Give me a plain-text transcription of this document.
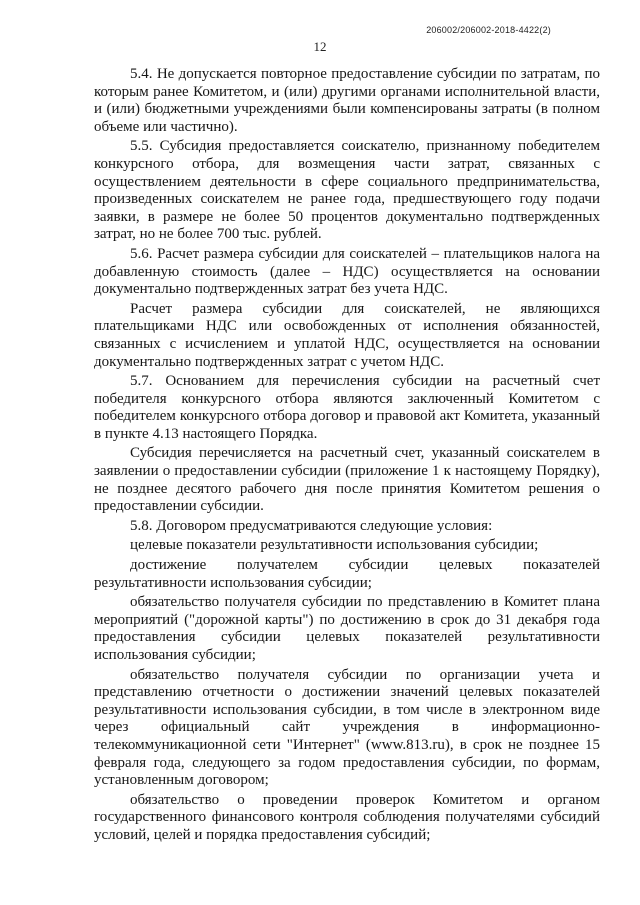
206002/206002-2018-4422(2)
12

5.4. Не допускается повторное предоставление субсидии по затратам, по которым ранее Комитетом, и (или) другими органами исполнительной власти, и (или) бюджетными учреждениями были компенсированы затраты (в полном объеме или частично).

5.5. Субсидия предоставляется соискателю, признанному победителем конкурсного отбора, для возмещения части затрат, связанных с осуществлением деятельности в сфере социального предпринимательства, произведенных соискателем не ранее года, предшествующего году подачи заявки, в размере не более 50 процентов документально подтвержденных затрат, но не более 700 тыс. рублей.

5.6. Расчет размера субсидии для соискателей – плательщиков налога на добавленную стоимость (далее – НДС) осуществляется на основании документально подтвержденных затрат без учета НДС.

Расчет размера субсидии для соискателей, не являющихся плательщиками НДС или освобожденных от исполнения обязанностей, связанных с исчислением и уплатой НДС, осуществляется на основании документально подтвержденных затрат с учетом НДС.

5.7. Основанием для перечисления субсидии на расчетный счет победителя конкурсного отбора являются заключенный Комитетом с победителем конкурсного отбора договор и правовой акт Комитета, указанный в пункте 4.13 настоящего Порядка.

Субсидия перечисляется на расчетный счет, указанный соискателем в заявлении о предоставлении субсидии (приложение 1 к настоящему Порядку), не позднее десятого рабочего дня после принятия Комитетом решения о предоставлении субсидии.

5.8. Договором предусматриваются следующие условия:

целевые показатели результативности использования субсидии;

достижение получателем субсидии целевых показателей результативности использования субсидии;

обязательство получателя субсидии по представлению в Комитет плана мероприятий ("дорожной карты") по достижению в срок до 31 декабря года предоставления субсидии целевых показателей результативности использования субсидии;

обязательство получателя субсидии по организации учета и представлению отчетности о достижении значений целевых показателей результативности использования субсидии, в том числе в электронном виде через официальный сайт учреждения в информационно-телекоммуникационной сети "Интернет" (www.813.ru), в срок не позднее 15 февраля года, следующего за годом предоставления субсидии, по формам, установленным договором;

обязательство о проведении проверок Комитетом и органом государственного финансового контроля соблюдения получателями субсидий условий, целей и порядка предоставления субсидий;
